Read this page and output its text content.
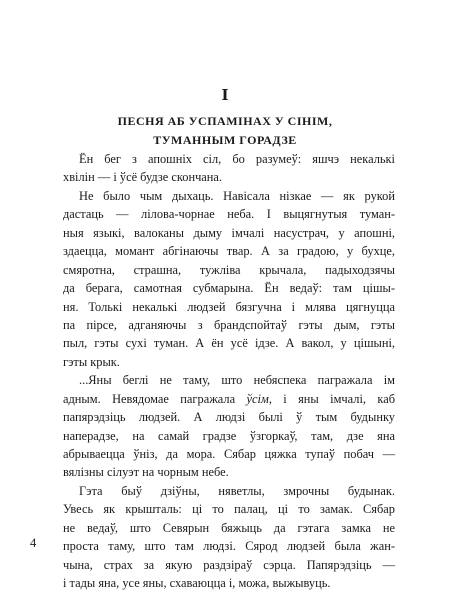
I
ПЕСНЯ АБ УСПАМІНАХ У СІНІМ,
ТУМАННЫМ ГОРАДЗЕ
Ён бег з апошніх сіл, бо разумеў: яшчэ некалькі
хвілін — і ўсё будзе скончана.
Не было чым дыхаць. Навісала нізкае — як рукой
дастаць — ліловa-чорнае неба. І выцягнутыя туман-
ныя языкі, валоканы дыму імчалі насустрач, у апошні,
здаецца, момант абгінаючы твар. А за градою, у бухце,
смяротна, страшна, тужліва крычала, падыходзячы
да берага, самотная субмарына. Ён ведаў: там цішы-
ня. Толькі некалькі людзей бязгучна і млява цягнуцца
па пірсе, адганяючы з брандспойтаў гэты дым, гэты
пыл, гэты сухі туман. А ён усё ідзе. А вакол, у цішыні,
гэты крык.
...Яны беглі не таму, што небяспека пагражала ім
адным. Невядомае пагражала ўсім, і яны імчалі, каб
папярэдзіць людзей. А людзі былі ў тым будынку
наперадзе, на самай градзе ўзгоркаў, там, дзе яна
абрываецца ўніз, да мора. Сябар цяжка тупаў побач —
вялізны сілуэт на чорным небе.
Гэта быў дзіўны, няветлы, змрочны будынак.
Увесь як крышталь: ці то палац, ці то замак. Сябар
не ведаў, што Севярын бяжыць да гэтага замка не
проста таму, што там людзі. Сярод людзей была жан-
чына, страх за якую раздзіраў сэрца. Папярэдзіць —
і тады яна, усе яны, схаваюцца і, можа, выжывуць.
4
